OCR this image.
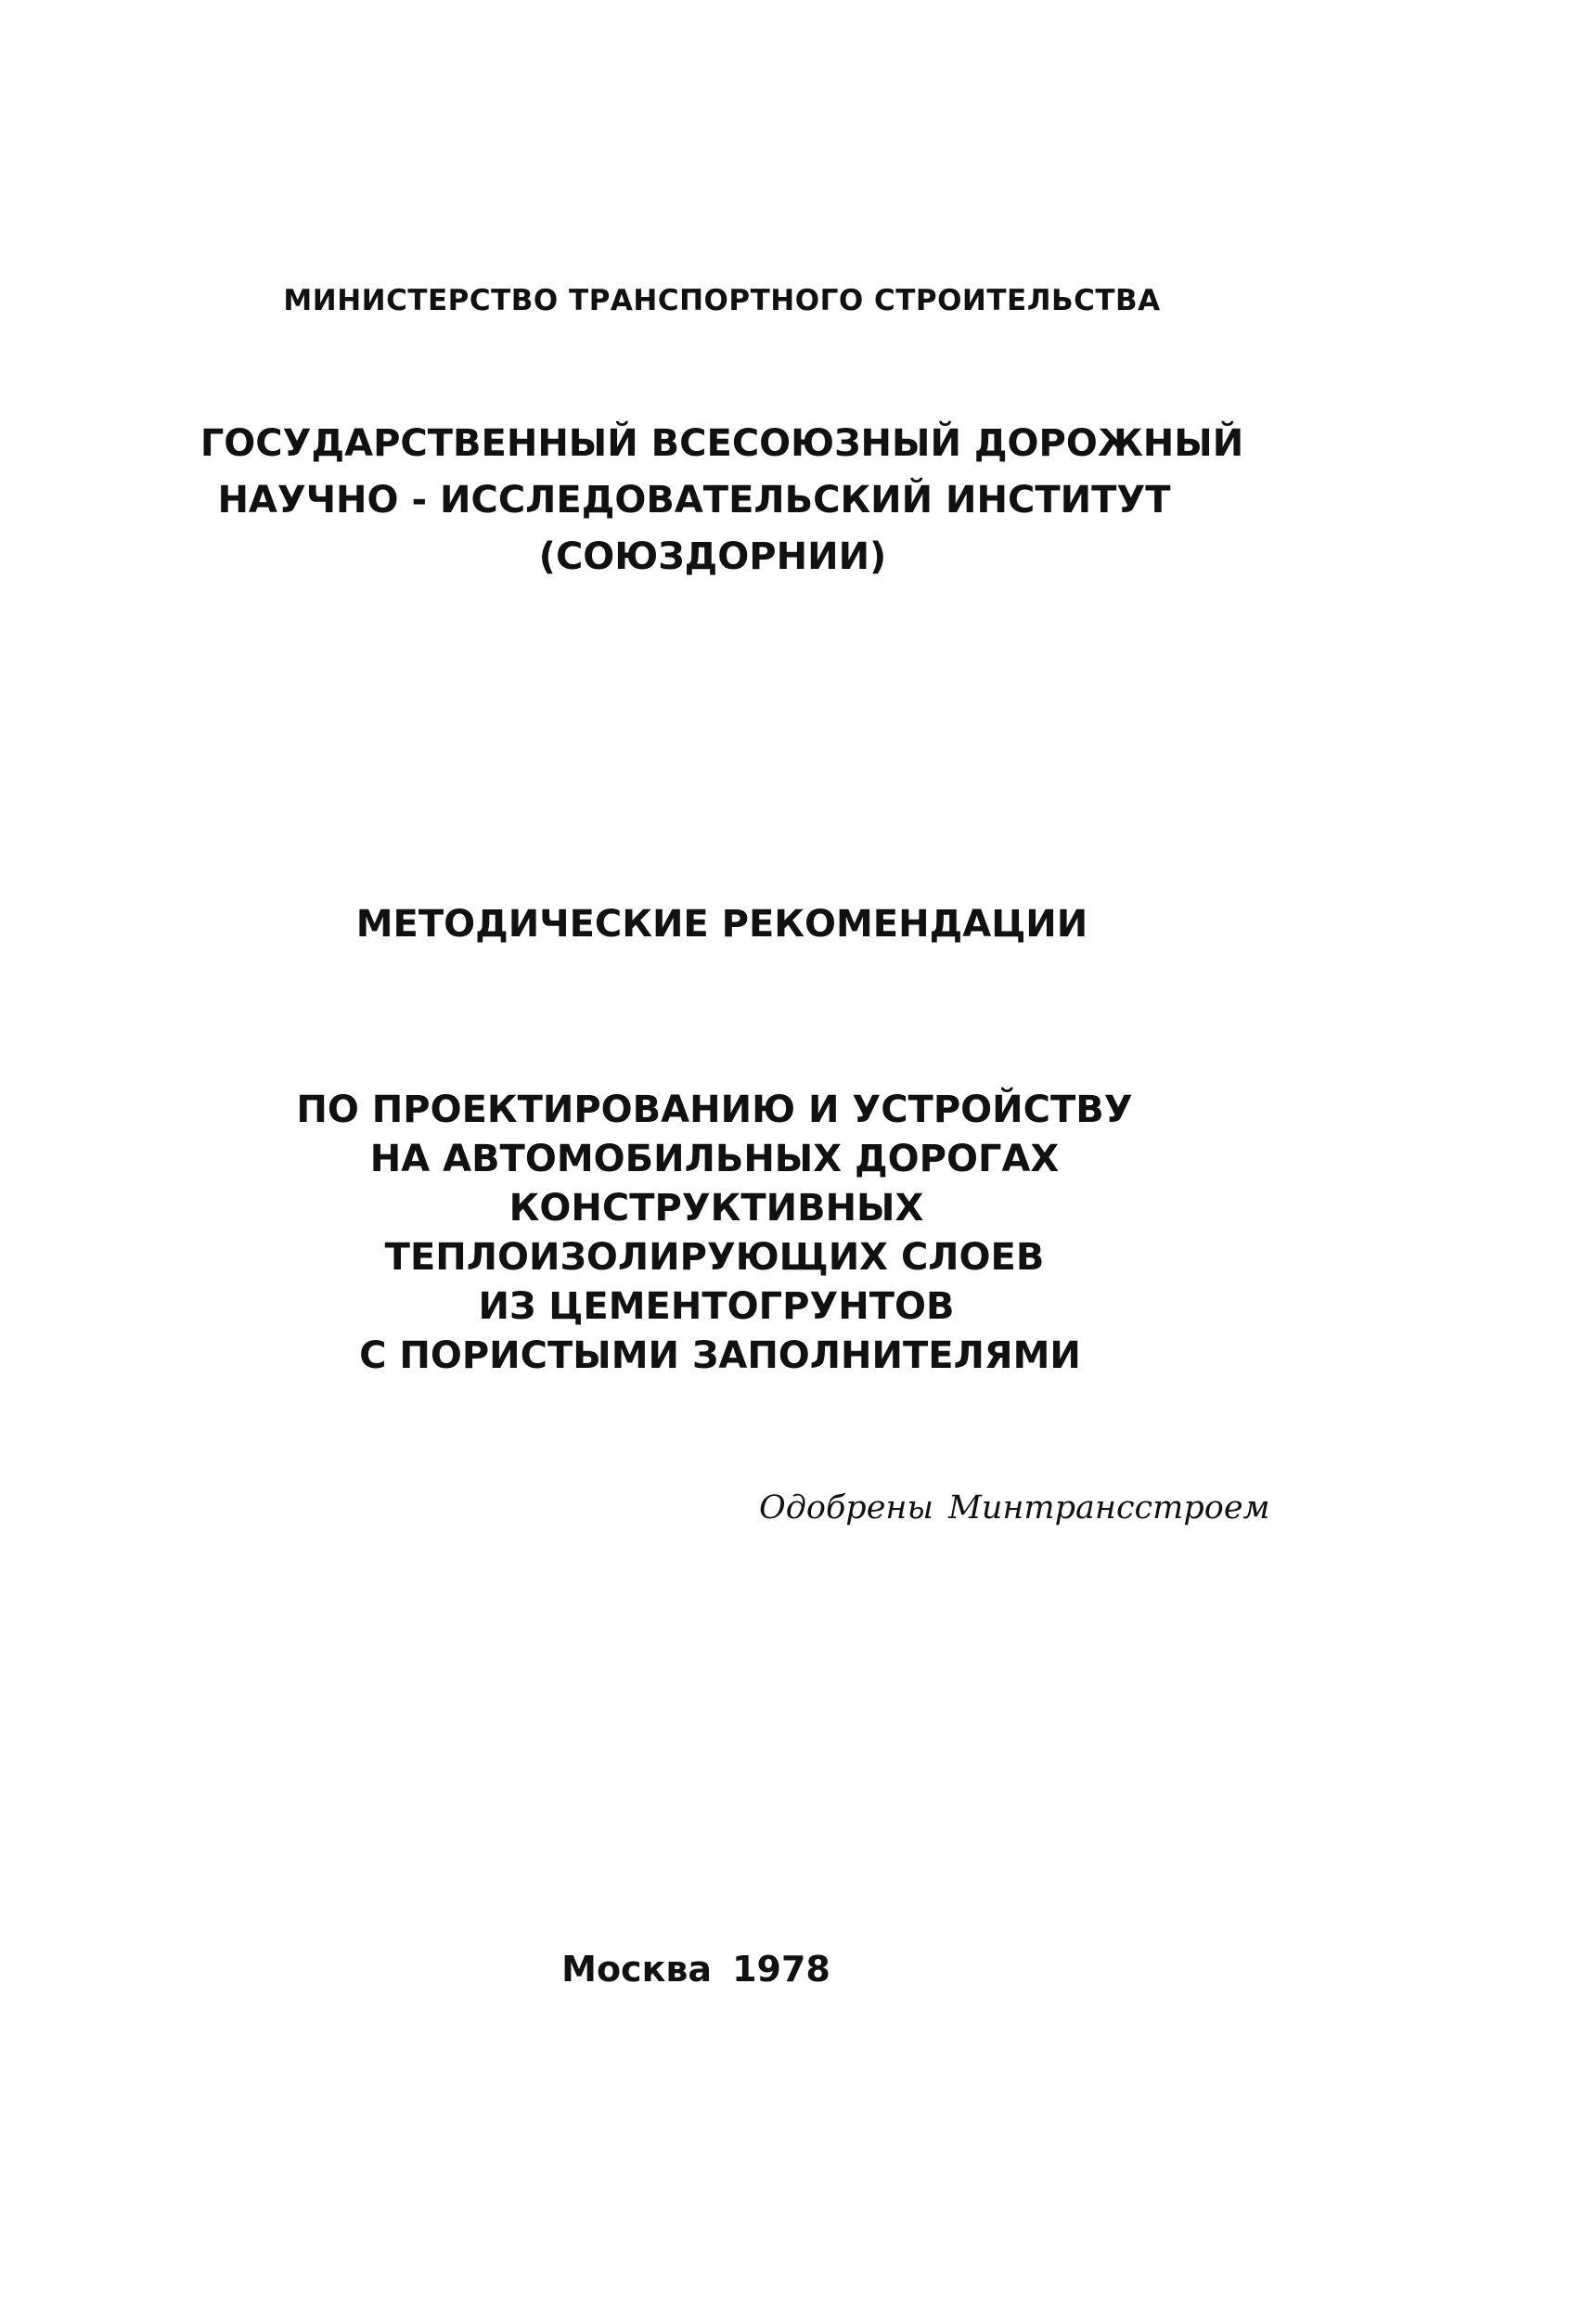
МИНИСТЕРСТВО ТРАНСПОРТНОГО СТРОИТЕЛЬСТВА
ГОСУДАРСТВЕННЫЙ ВСЕСОЮЗНЫЙ ДОРОЖНЫЙ
НАУЧНО - ИССЛЕДОВАТЕЛЬСКИЙ ИНСТИТУТ
(СОЮЗДОРНИИ)
МЕТОДИЧЕСКИЕ РЕКОМЕНДАЦИИ
ПО ПРОЕКТИРОВАНИЮ И УСТРОЙСТВУ
НА АВТОМОБИЛЬНЫХ ДОРОГАХ
КОНСТРУКТИВНЫХ
ТЕПЛОИЗОЛИРУЮЩИХ СЛОЕВ
ИЗ ЦЕМЕНТОГРУНТОВ
С ПОРИСТЫМИ ЗАПОЛНИТЕЛЯМИ
Одобрены Минтрансстроем
Москва 1978
